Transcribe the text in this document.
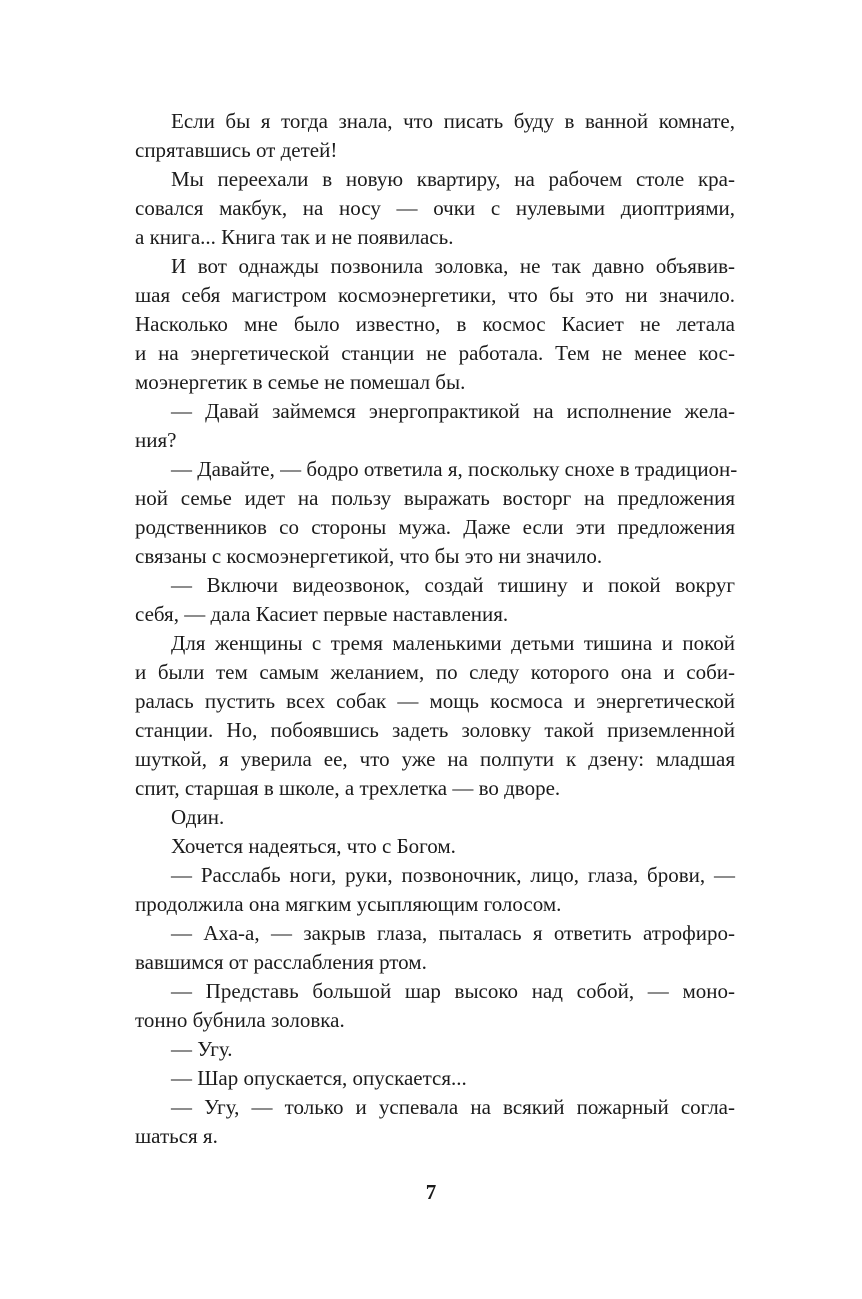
Если бы я тогда знала, что писать буду в ванной комнате,
спрятавшись от детей!
Мы переехали в новую квартиру, на рабочем столе кра-
совался макбук, на носу — очки с нулевыми диоптриями,
а книга... Книга так и не появилась.
И вот однажды позвонила золовка, не так давно объявив-
шая себя магистром космоэнергетики, что бы это ни значило.
Насколько мне было известно, в космос Касиет не летала
и на энергетической станции не работала. Тем не менее кос-
моэнергетик в семье не помешал бы.
— Давай займемся энергопрактикой на исполнение жела-
ния?
— Давайте, — бодро ответила я, поскольку снохе в традицион-
ной семье идет на пользу выражать восторг на предложения
родственников со стороны мужа. Даже если эти предложения
связаны с космоэнергетикой, что бы это ни значило.
— Включи видеозвонок, создай тишину и покой вокруг
себя, — дала Касиет первые наставления.
Для женщины с тремя маленькими детьми тишина и покой
и были тем самым желанием, по следу которого она и соби-
ралась пустить всех собак — мощь космоса и энергетической
станции. Но, побоявшись задеть золовку такой приземленной
шуткой, я уверила ее, что уже на полпути к дзену: младшая
спит, старшая в школе, а трехлетка — во дворе.
Один.
Хочется надеяться, что с Богом.
— Расслабь ноги, руки, позвоночник, лицо, глаза, брови, —
продолжила она мягким усыпляющим голосом.
— Аха-а, — закрыв глаза, пыталась я ответить атрофиро-
вавшимся от расслабления ртом.
— Представь большой шар высоко над собой, — моно-
тонно бубнила золовка.
— Угу.
— Шар опускается, опускается...
— Угу, — только и успевала на всякий пожарный согла-
шаться я.
7
